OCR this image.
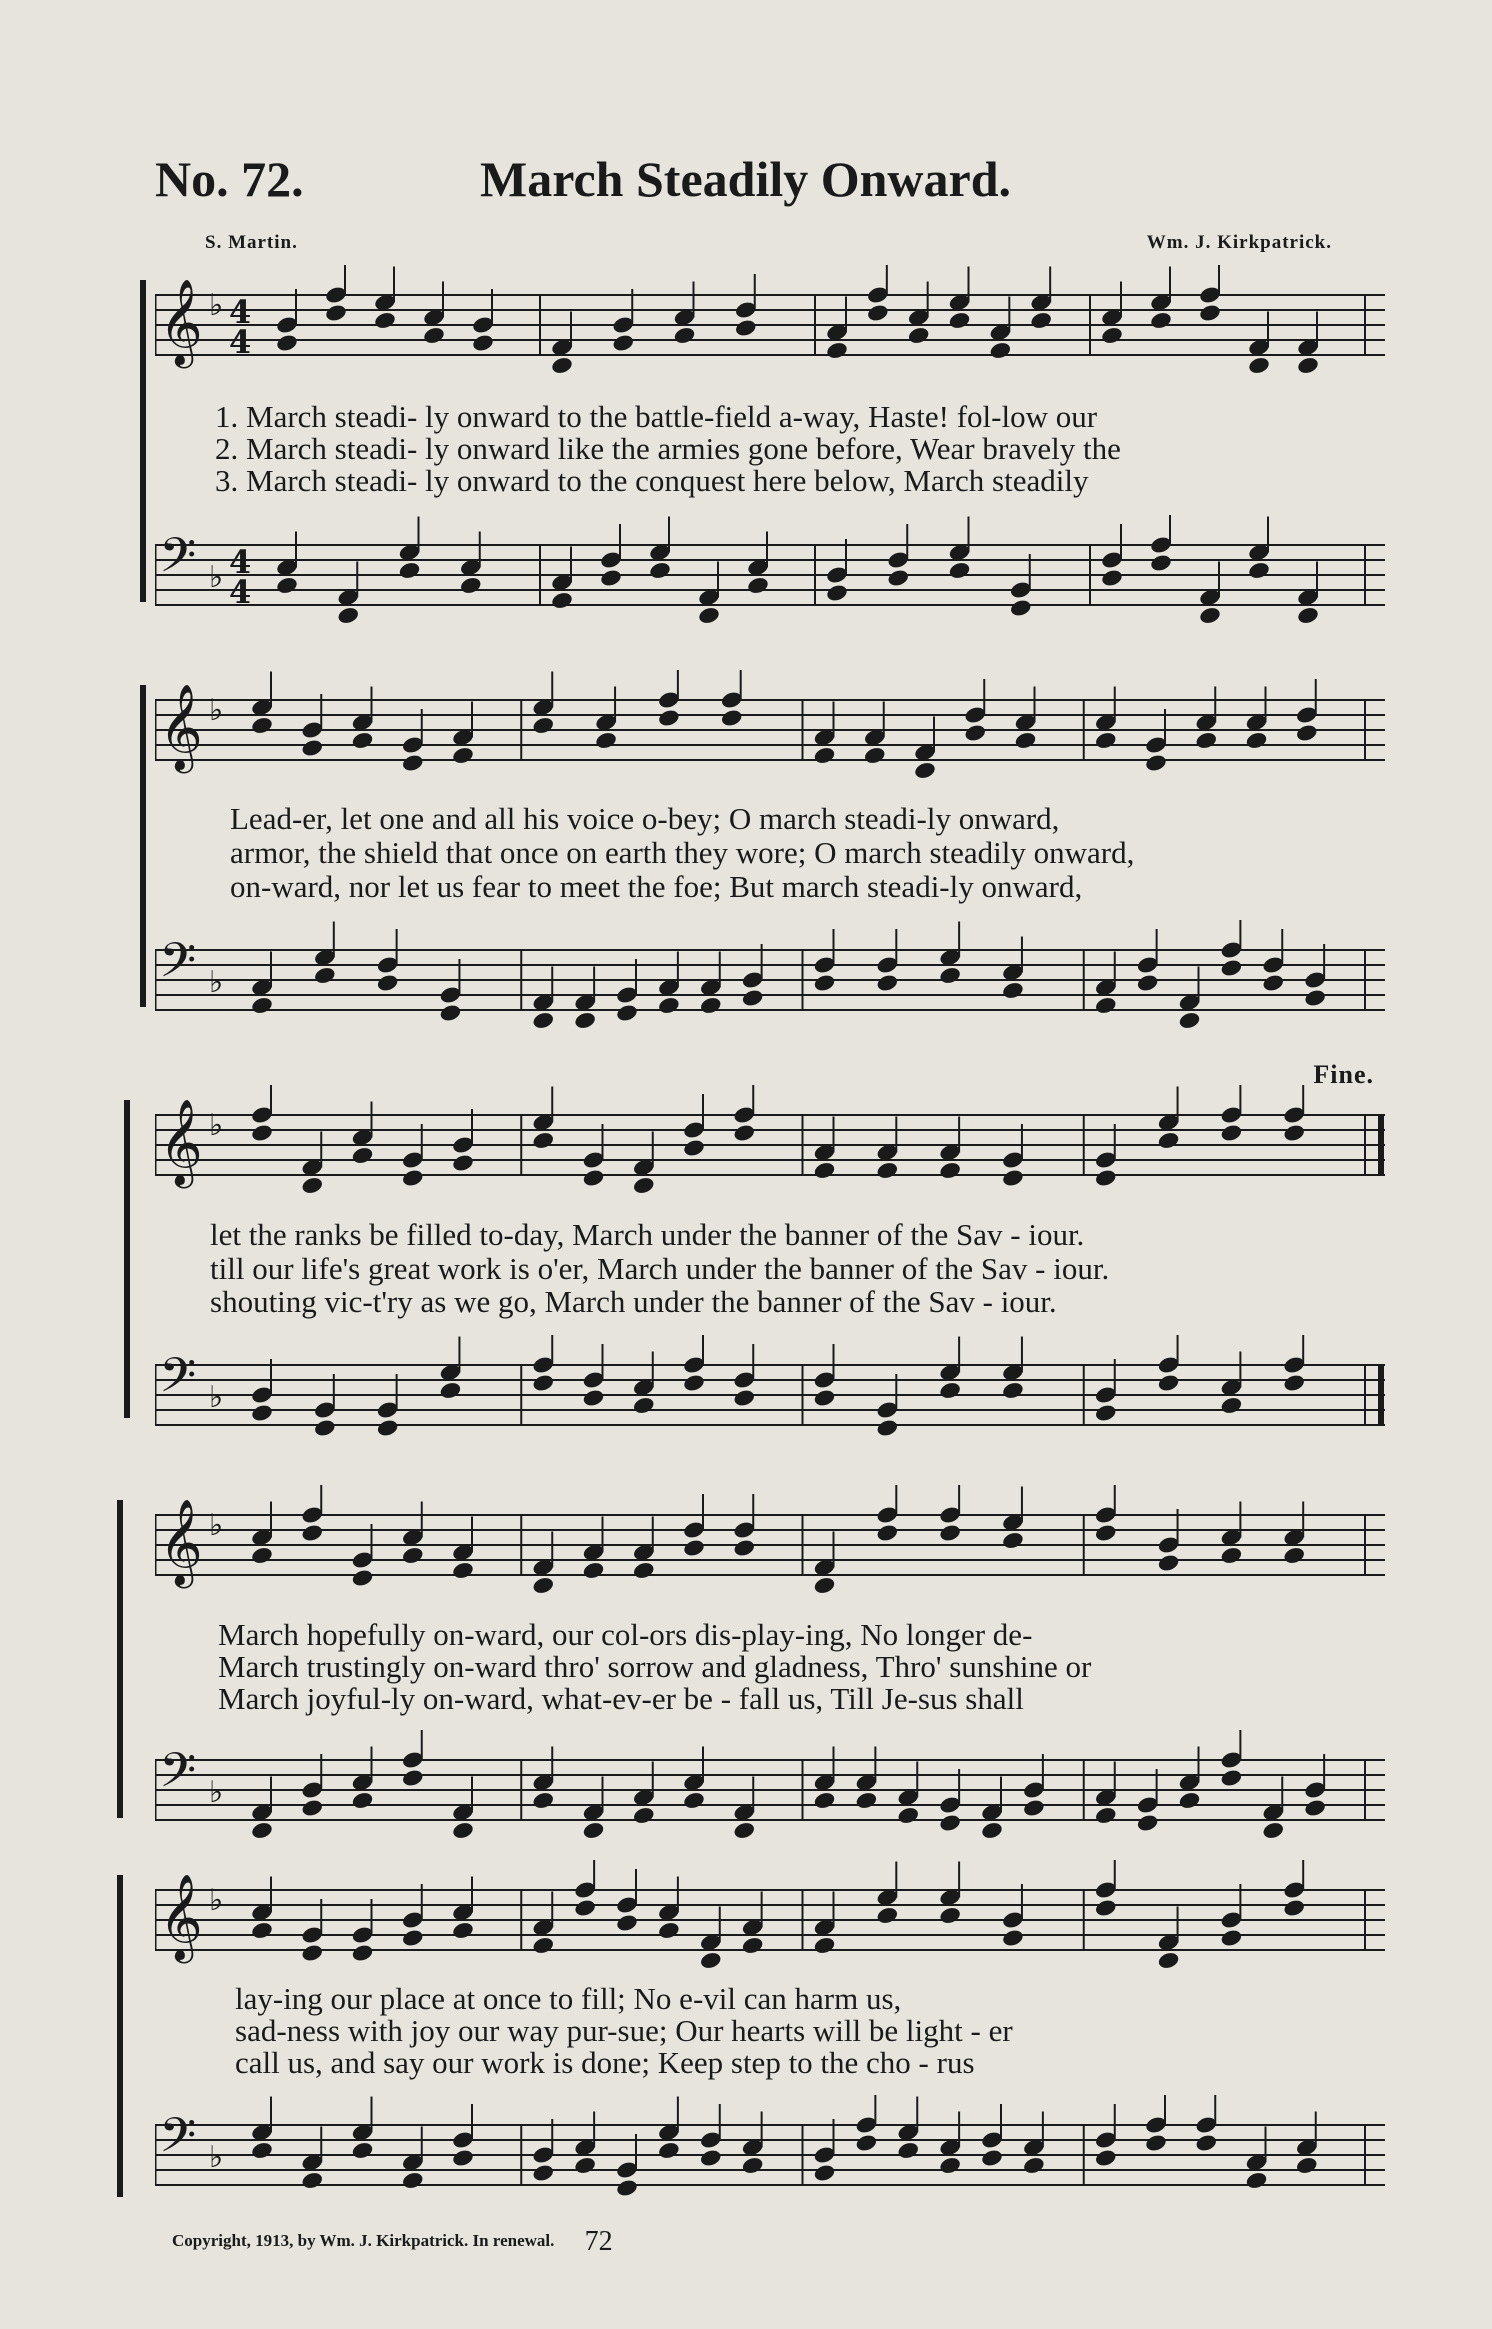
No. 72.	March Steadily Onward.
S. Martin.	Wm. J. Kirkpatrick.
𝄞 ♭ 4
4
1. March steadi- ly onward to the battle-field a-way, Haste! fol-low our
2. March steadi- ly onward like the armies gone before, Wear bravely the
3. March steadi- ly onward to the conquest here below, March steadily
𝄢 ♭ 4
4
𝄞 ♭
Lead-er, let one and all his voice o-bey; O march steadi-ly onward,
armor, the shield that once on earth they wore; O march steadily onward,
on-ward, nor let us fear to meet the foe; But march steadi-ly onward,
𝄢 ♭
Fine.
𝄞 ♭
let the ranks be filled to-day, March under the banner of the Sav - iour.
till our life's great work is o'er, March under the banner of the Sav - iour.
shouting vic-t'ry as we go, March under the banner of the Sav - iour.
𝄢 ♭
𝄞 ♭
March hopefully on-ward, our col-ors dis-play-ing, No longer de-
March trustingly on-ward thro' sorrow and gladness, Thro' sunshine or
March joyful-ly on-ward, what-ev-er be - fall us, Till Je-sus shall
𝄢 ♭
𝄞 ♭
lay-ing our place at once to fill; No e-vil can harm us,
sad-ness with joy our way pur-sue; Our hearts will be light - er
call us, and say our work is done; Keep step to the cho - rus
𝄢 ♭
Copyright, 1913, by Wm. J. Kirkpatrick. In renewal. 72
